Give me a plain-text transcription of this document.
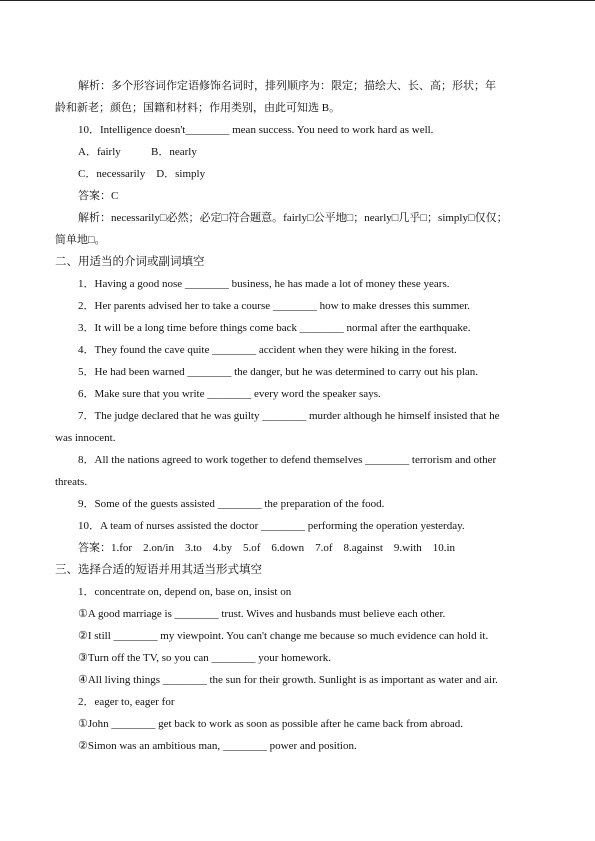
解析：多个形容词作定语修饰名词时，排列顺序为：限定；描绘大、长、高；形状；年
龄和新老；颜色；国籍和材料；作用类别，由此可知选 B。
10．Intelligence doesn't________ mean success. You need to work hard as well.
A．fairly           B．nearly
C．necessarily    D．simply
答案：C
解析：necessarily□必然；必定□符合题意。fairly□公平地□；nearly□几乎□；simply□仅仅；
简单地□。
二、用适当的介词或副词填空
1．Having a good nose ________ business, he has made a lot of money these years.
2．Her parents advised her to take a course ________ how to make dresses this summer.
3．It will be a long time before things come back ________ normal after the earthquake.
4．They found the cave quite ________ accident when they were hiking in the forest.
5．He had been warned ________ the danger, but he was determined to carry out his plan.
6．Make sure that you write ________ every word the speaker says.
7．The judge declared that he was guilty ________ murder although he himself insisted that he
was innocent.
8．All the nations agreed to work together to defend themselves ________ terrorism and other
threats.
9．Some of the guests assisted ________ the preparation of the food.
10．A team of nurses assisted the doctor ________ performing the operation yesterday.
答案：1.for    2.on/in    3.to    4.by    5.of    6.down    7.of    8.against    9.with    10.in
三、选择合适的短语并用其适当形式填空
1．concentrate on, depend on, base on, insist on
①A good marriage is ________ trust. Wives and husbands must believe each other.
②I still ________ my viewpoint. You can't change me because so much evidence can hold it.
③Turn off the TV, so you can ________ your homework.
④All living things ________ the sun for their growth. Sunlight is as important as water and air.
2．eager to, eager for
①John ________ get back to work as soon as possible after he came back from abroad.
②Simon was an ambitious man, ________ power and position.
